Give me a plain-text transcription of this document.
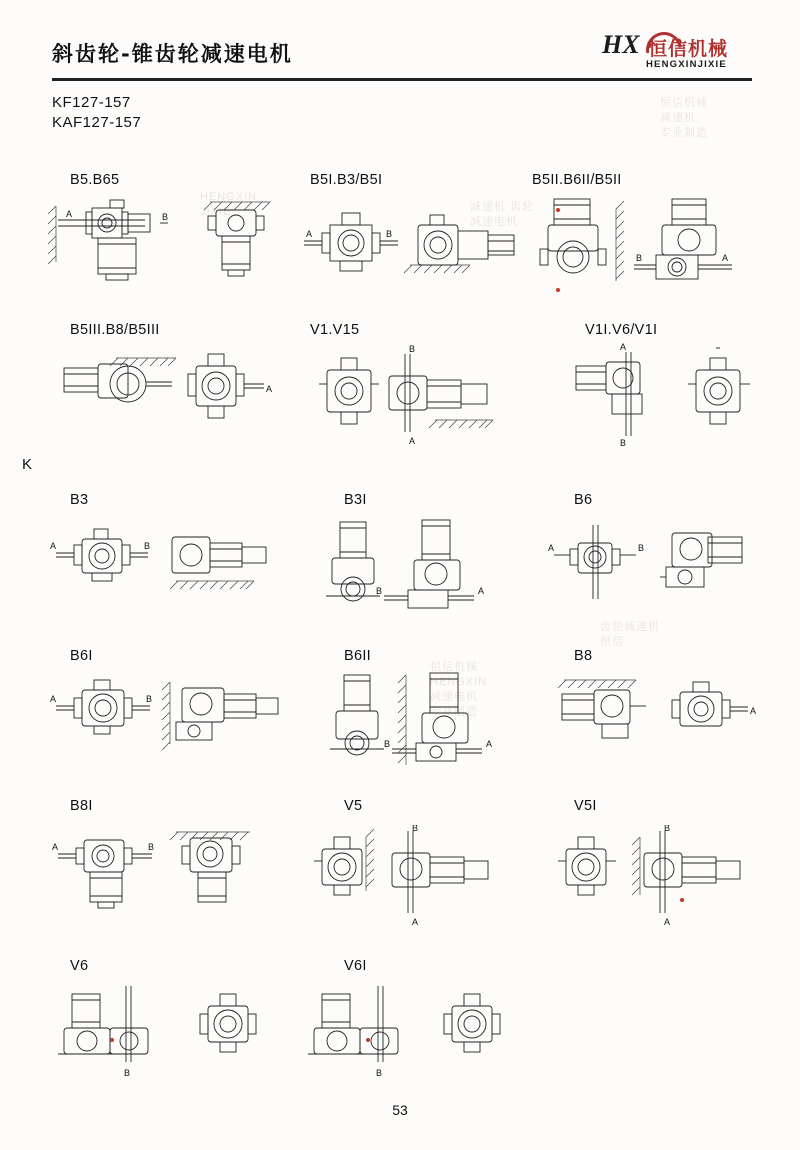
斜齿轮-锥齿轮减速电机	HX 恒信机械
HENGXINJIXIE
KF127-157
KAF127-157
恒信机械
减速机
专业制造
HENGXIN
JIXIE	减速机 齿轮
减速电机
恒信机械
HENGXIN
减速电机
专业制造
齿轮减速机
恒信
K
B5.B65	B5I.B3/B5I	B5II.B6II/B5II
B5III.B8/B5III	V1.V15	V1I.V6/V1I
B3	B3I	B6
B6I	B6II	B8
B8I	V5	V5I
V6	V6I
A	B
A	B
B	A
A
B
A
A
B
A	B
B	A
A	B
A	B
B	A
A
A	B
B
A
B
A
B	B
53
